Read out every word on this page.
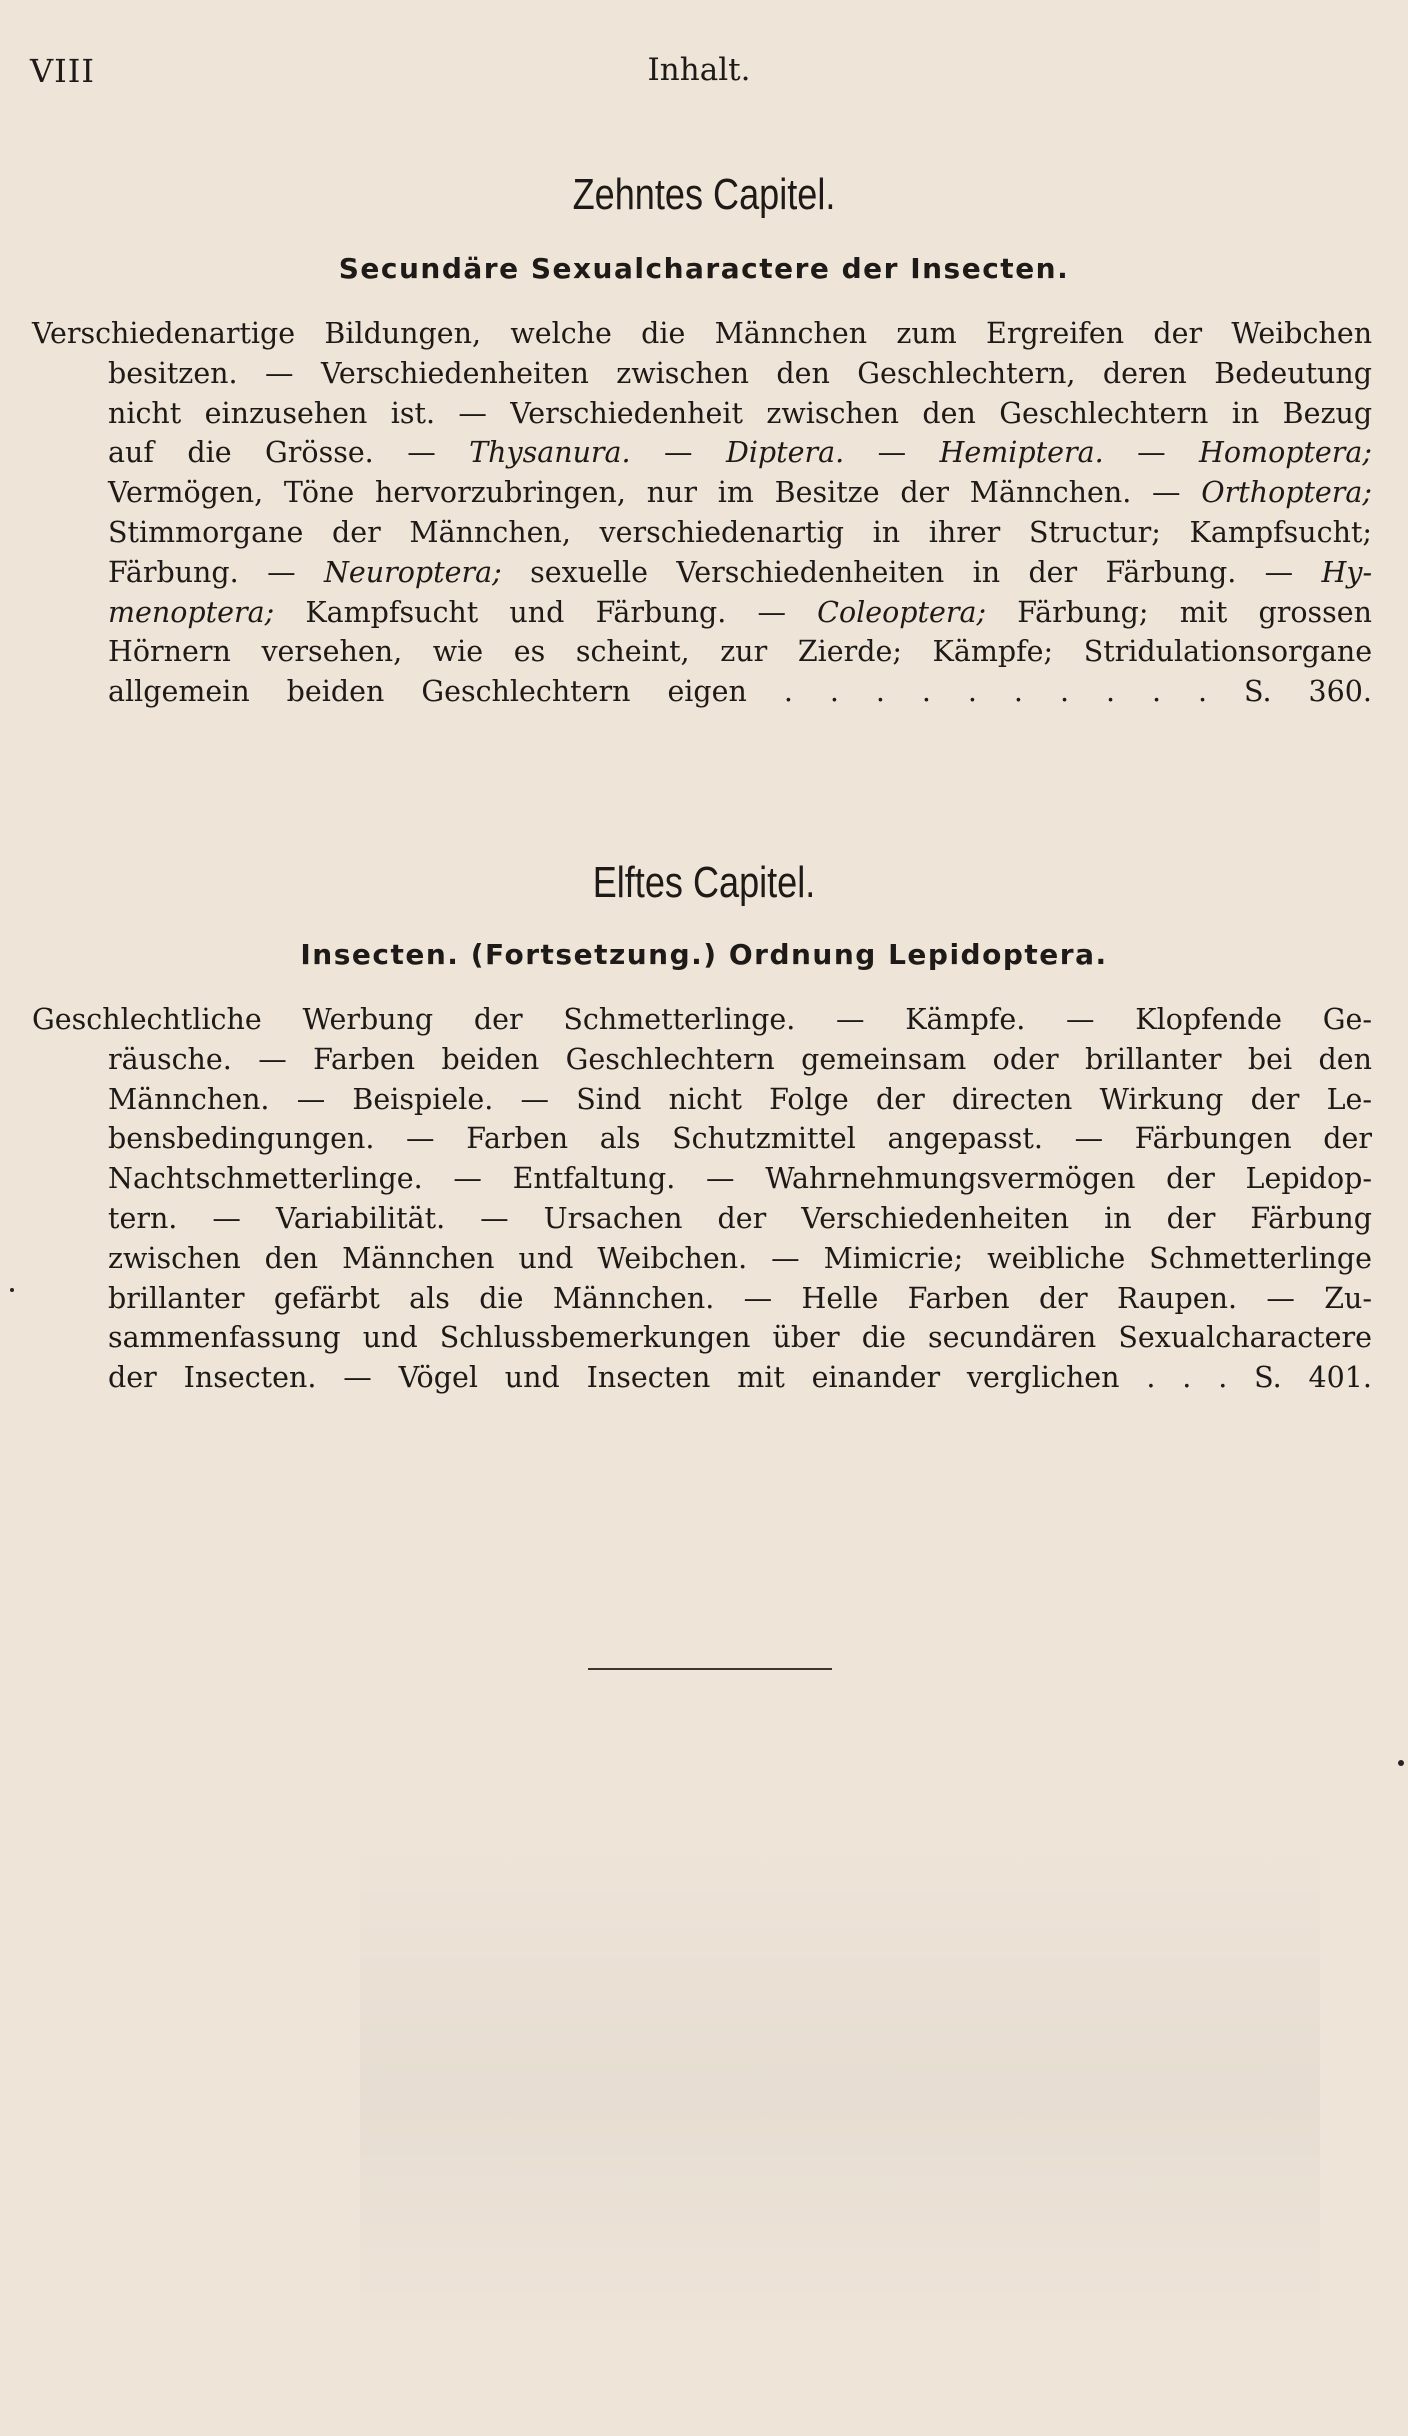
VIII	Inhalt.
Zehntes Capitel.
Secundäre Sexualcharactere der Insecten.
Verschiedenartige Bildungen, welche die Männchen zum Ergreifen der Weibchen
besitzen. — Verschiedenheiten zwischen den Geschlechtern, deren Bedeutung
nicht einzusehen ist. — Verschiedenheit zwischen den Geschlechtern in Bezug
auf die Grösse. — Thysanura. — Diptera. — Hemiptera. — Homoptera;
Vermögen, Töne hervorzubringen, nur im Besitze der Männchen. — Orthoptera;
Stimmorgane der Männchen, verschiedenartig in ihrer Structur; Kampfsucht;
Färbung. — Neuroptera; sexuelle Verschiedenheiten in der Färbung. — Hy-
menoptera; Kampfsucht und Färbung. — Coleoptera; Färbung; mit grossen
Hörnern versehen, wie es scheint, zur Zierde; Kämpfe; Stridulationsorgane
allgemein beiden Geschlechtern eigen . . . . . . . . . . S. 360.
Elftes Capitel.
Insecten. (Fortsetzung.) Ordnung Lepidoptera.
Geschlechtliche Werbung der Schmetterlinge. — Kämpfe. — Klopfende Ge-
räusche. — Farben beiden Geschlechtern gemeinsam oder brillanter bei den
Männchen. — Beispiele. — Sind nicht Folge der directen Wirkung der Le-
bensbedingungen. — Farben als Schutzmittel angepasst. — Färbungen der
Nachtschmetterlinge. — Entfaltung. — Wahrnehmungsvermögen der Lepidop-
tern. — Variabilität. — Ursachen der Verschiedenheiten in der Färbung
zwischen den Männchen und Weibchen. — Mimicrie; weibliche Schmetterlinge
brillanter gefärbt als die Männchen. — Helle Farben der Raupen. — Zu-
sammenfassung und Schlussbemerkungen über die secundären Sexualcharactere
der Insecten. — Vögel und Insecten mit einander verglichen . . . S. 401.
